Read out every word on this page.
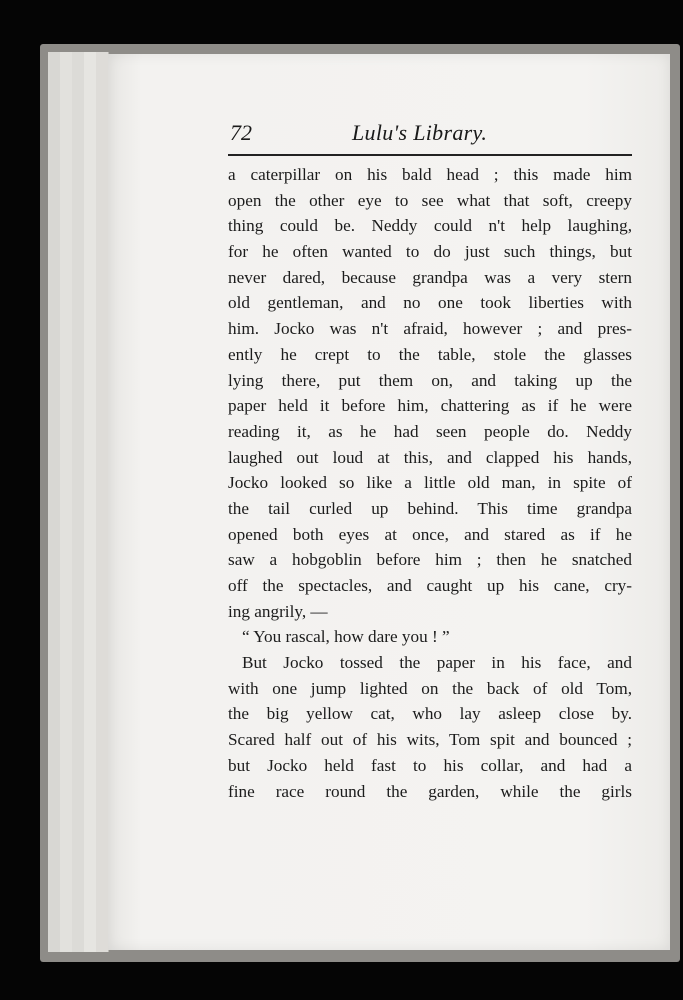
72	Lulu's Library.
a caterpillar on his bald head ; this made him
open the other eye to see what that soft, creepy
thing could be. Neddy could n't help laughing,
for he often wanted to do just such things, but
never dared, because grandpa was a very stern
old gentleman, and no one took liberties with
him. Jocko was n't afraid, however ; and pres-
ently he crept to the table, stole the glasses
lying there, put them on, and taking up the
paper held it before him, chattering as if he were
reading it, as he had seen people do. Neddy
laughed out loud at this, and clapped his hands,
Jocko looked so like a little old man, in spite of
the tail curled up behind. This time grandpa
opened both eyes at once, and stared as if he
saw a hobgoblin before him ; then he snatched
off the spectacles, and caught up his cane, cry-
ing angrily, —
“ You rascal, how dare you ! ”
But Jocko tossed the paper in his face, and
with one jump lighted on the back of old Tom,
the big yellow cat, who lay asleep close by.
Scared half out of his wits, Tom spit and bounced ;
but Jocko held fast to his collar, and had a
fine race round the garden, while the girls
